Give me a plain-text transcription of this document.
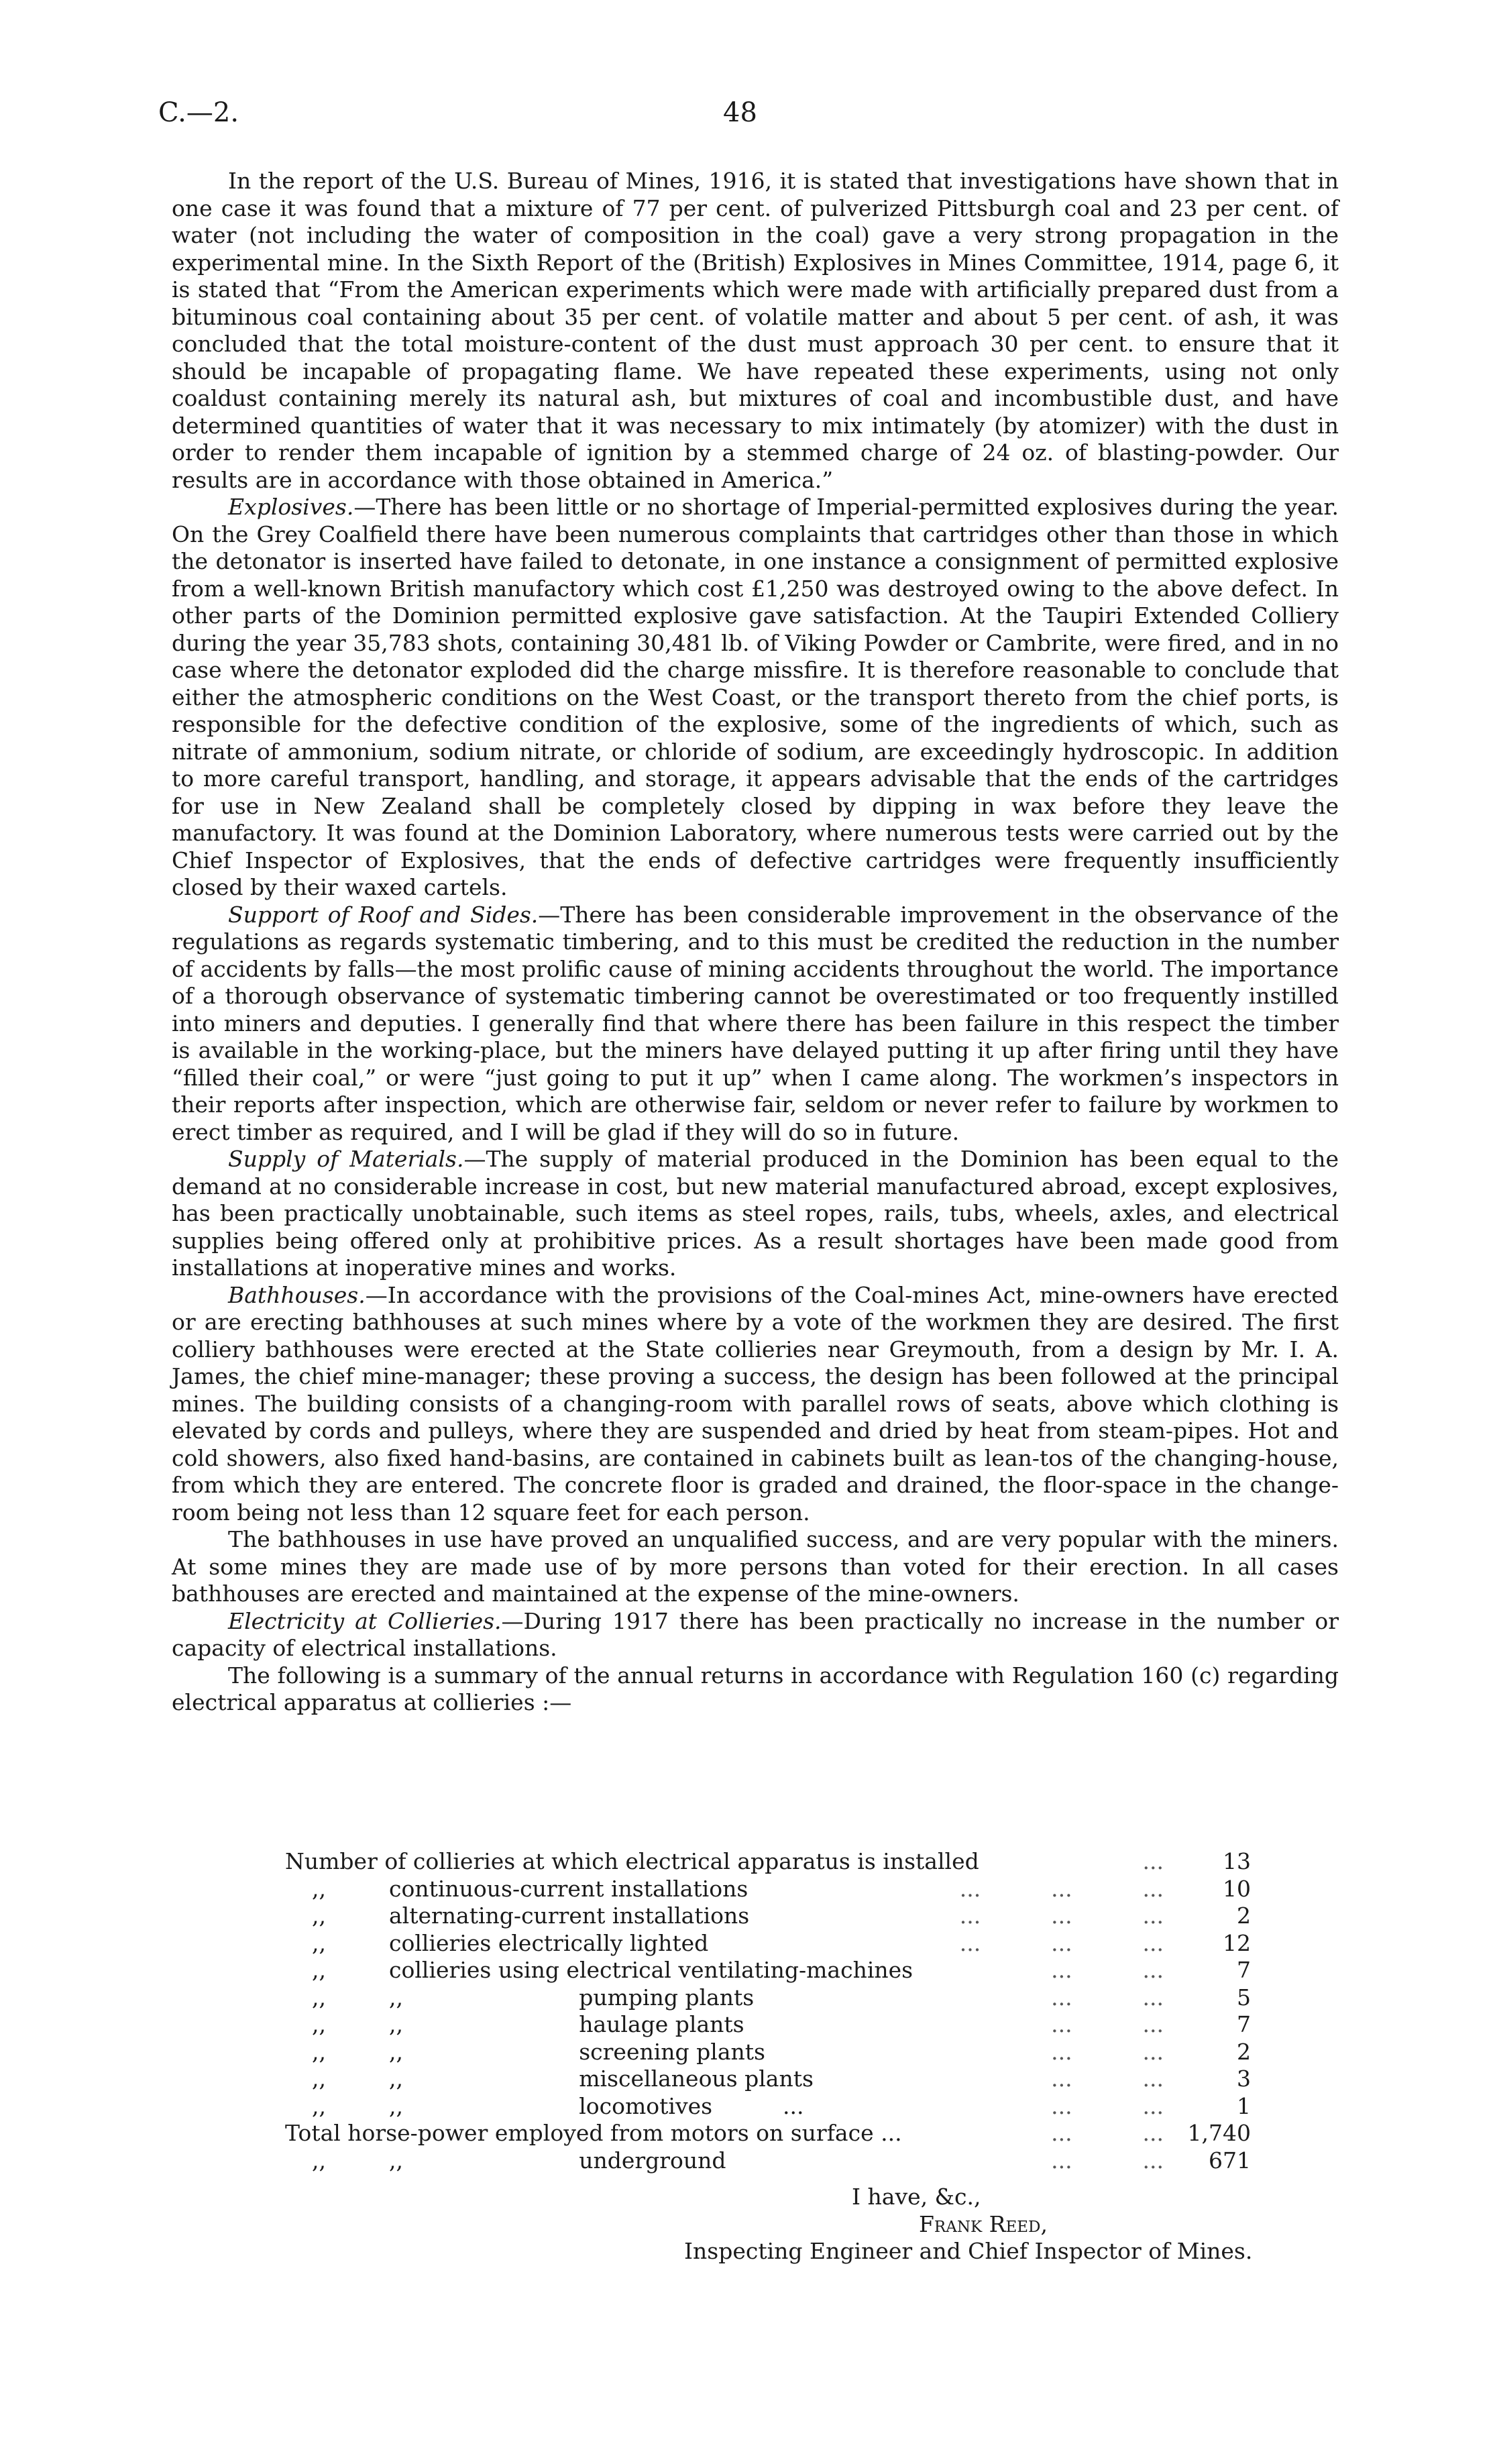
C.—2.	48

In the report of the U.S. Bureau of Mines, 1916, it is stated that investigations have shown that in one case it was found that a mixture of 77 per cent. of pulverized Pittsburgh coal and 23 per cent. of water (not including the water of composition in the coal) gave a very strong propagation in the experimental mine. In the Sixth Report of the (British) Explosives in Mines Committee, 1914, page 6, it is stated that “From the American experiments which were made with artificially prepared dust from a bituminous coal containing about 35 per cent. of volatile matter and about 5 per cent. of ash, it was concluded that the total moisture-content of the dust must approach 30 per cent. to ensure that it should be incapable of propagating flame. We have repeated these experiments, using not only coaldust containing merely its natural ash, but mixtures of coal and incombustible dust, and have determined quantities of water that it was necessary to mix intimately (by atomizer) with the dust in order to render them incapable of ignition by a stemmed charge of 24 oz. of blasting-powder. Our results are in accordance with those obtained in America.”

Explosives.—There has been little or no shortage of Imperial-permitted explosives during the year. On the Grey Coalfield there have been numerous complaints that cartridges other than those in which the detonator is inserted have failed to detonate, in one instance a consignment of permitted explosive from a well-known British manufactory which cost £1,250 was destroyed owing to the above defect. In other parts of the Dominion permitted explosive gave satisfaction. At the Taupiri Extended Colliery during the year 35,783 shots, containing 30,481 lb. of Viking Powder or Cambrite, were fired, and in no case where the detonator exploded did the charge missfire. It is therefore reasonable to conclude that either the atmospheric conditions on the West Coast, or the transport thereto from the chief ports, is responsible for the defective condition of the explosive, some of the ingredients of which, such as nitrate of ammonium, sodium nitrate, or chloride of sodium, are exceedingly hydroscopic. In addition to more careful transport, handling, and storage, it appears advisable that the ends of the cartridges for use in New Zealand shall be completely closed by dipping in wax before they leave the manufactory. It was found at the Dominion Laboratory, where numerous tests were carried out by the Chief Inspector of Explosives, that the ends of defective cartridges were frequently insufficiently closed by their waxed cartels.

Support of Roof and Sides.—There has been considerable improvement in the observance of the regulations as regards systematic timbering, and to this must be credited the reduction in the number of accidents by falls—the most prolific cause of mining accidents throughout the world. The importance of a thorough observance of systematic timbering cannot be overestimated or too frequently instilled into miners and deputies. I generally find that where there has been failure in this respect the timber is available in the working-place, but the miners have delayed putting it up after firing until they have “filled their coal,” or were “just going to put it up” when I came along. The workmen’s inspectors in their reports after inspection, which are otherwise fair, seldom or never refer to failure by workmen to erect timber as required, and I will be glad if they will do so in future.

Supply of Materials.—The supply of material produced in the Dominion has been equal to the demand at no considerable increase in cost, but new material manufactured abroad, except explosives, has been practically unobtainable, such items as steel ropes, rails, tubs, wheels, axles, and electrical supplies being offered only at prohibitive prices. As a result shortages have been made good from installations at inoperative mines and works.

Bathhouses.—In accordance with the provisions of the Coal-mines Act, mine-owners have erected or are erecting bathhouses at such mines where by a vote of the workmen they are desired. The first colliery bathhouses were erected at the State collieries near Greymouth, from a design by Mr. I. A. James, the chief mine-manager; these proving a success, the design has been followed at the principal mines. The building consists of a changing-room with parallel rows of seats, above which clothing is elevated by cords and pulleys, where they are suspended and dried by heat from steam-pipes. Hot and cold showers, also fixed hand-basins, are contained in cabinets built as lean-tos of the changing-house, from which they are entered. The concrete floor is graded and drained, the floor-space in the change-room being not less than 12 square feet for each person.

The bathhouses in use have proved an unqualified success, and are very popular with the miners. At some mines they are made use of by more persons than voted for their erection. In all cases bathhouses are erected and maintained at the expense of the mine-owners.

Electricity at Collieries.—During 1917 there has been practically no increase in the number or capacity of electrical installations.

The following is a summary of the annual returns in accordance with Regulation 160 (c) regarding electrical apparatus at collieries :—

Number of collieries at which electrical apparatus is installed	...	13
,,	continuous-current installations	...          ...          ...	10
,,	alternating-current installations	...          ...          ...	2
,,	collieries electrically lighted	...          ...          ...	12
,,	collieries using electrical ventilating-machines	...          ...	7
,,	,,                         pumping plants	...          ...	5
,,	,,                         haulage plants	...          ...	7
,,	,,                         screening plants	...          ...	2
,,	,,                         miscellaneous plants	...          ...	3
,,	,,                         locomotives          ...	...          ...	1
Total horse-power employed from motors on surface ...	...          ... 1,740
,,	,,                         underground	...          ... 671
I have, &c.,
Frank Reed,
Inspecting Engineer and Chief Inspector of Mines.
